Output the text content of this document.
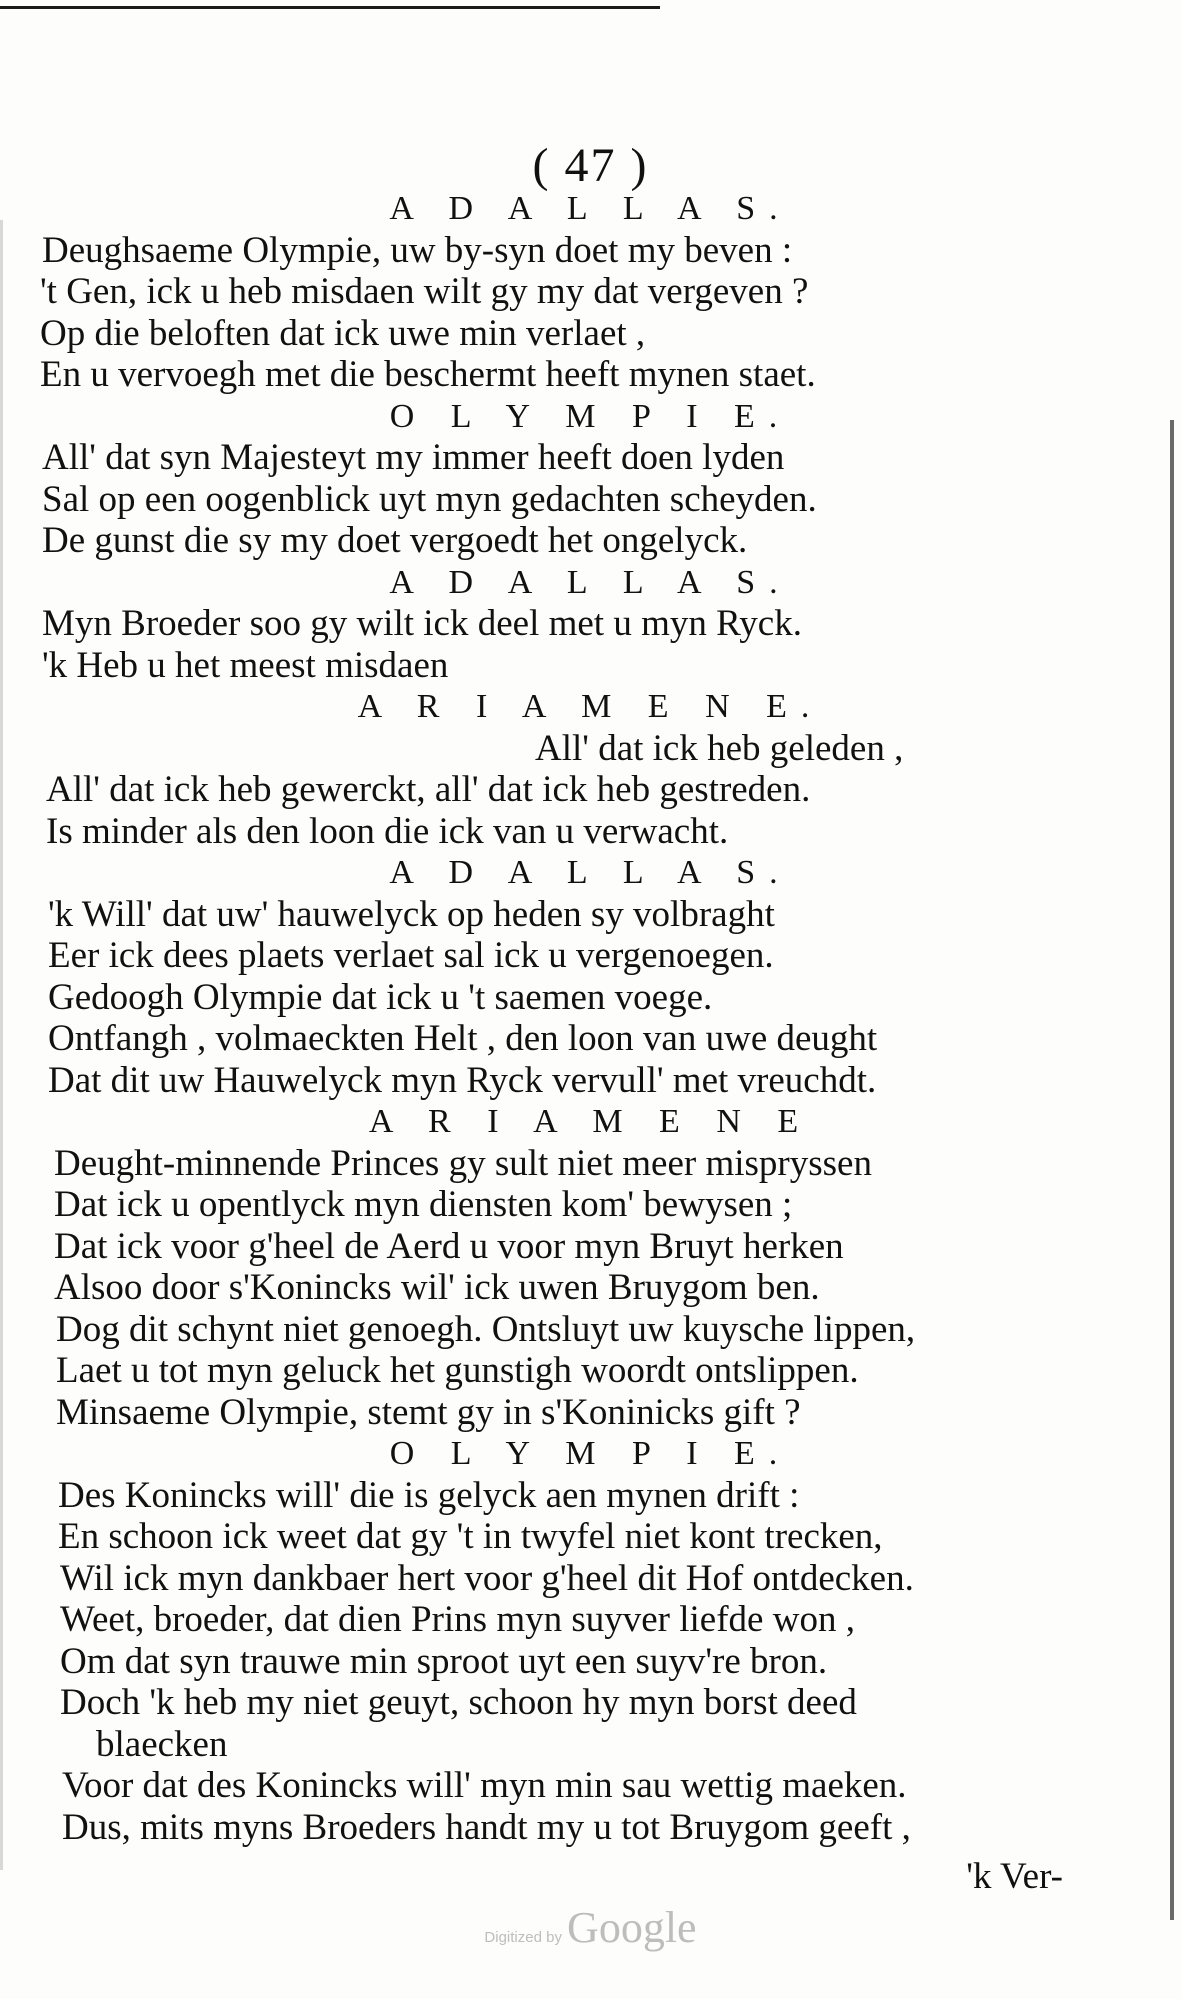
( 47 )
A D A L L A S.
Deughsaeme Olympie, uw by-syn doet my beven :
't Gen, ick u heb misdaen wilt gy my dat vergeven ?
Op die beloften dat ick uwe min verlaet ,
En u vervoegh met die beschermt heeft mynen staet.
O L Y M P I E.
All' dat syn Majesteyt my immer heeft doen lyden
Sal op een oogenblick uyt myn gedachten scheyden.
De gunst die sy my doet vergoedt het ongelyck.
A D A L L A S.
Myn Broeder soo gy wilt ick deel met u myn Ryck.
'k Heb u het meest misdaen
A R I A M E N E.
All' dat ick heb geleden ,
All' dat ick heb gewerckt, all' dat ick heb gestreden.
Is minder als den loon die ick van u verwacht.
A D A L L A S.
'k Will' dat uw' hauwelyck op heden sy volbraght
Eer ick dees plaets verlaet sal ick u vergenoegen.
Gedoogh Olympie dat ick u 't saemen voege.
Ontfangh , volmaeckten Helt , den loon van uwe deught
Dat dit uw Hauwelyck myn Ryck vervull' met vreuchdt.
A R I A M E N E
Deught-minnende Princes gy sult niet meer mispryssen
Dat ick u opentlyck myn diensten kom' bewysen ;
Dat ick voor g'heel de Aerd u voor myn Bruyt herken
Alsoo door s'Konincks wil' ick uwen Bruygom ben.
Dog dit schynt niet genoegh. Ontsluyt uw kuysche lippen,
Laet u tot myn geluck het gunstigh woordt ontslippen.
Minsaeme Olympie, stemt gy in s'Koninicks gift ?
O L Y M P I E.
Des Konincks will' die is gelyck aen mynen drift :
En schoon ick weet dat gy 't in twyfel niet kont trecken,
Wil ick myn dankbaer hert voor g'heel dit Hof ontdecken.
Weet, broeder, dat dien Prins myn suyver liefde won ,
Om dat syn trauwe min sproot uyt een suyv're bron.
Doch 'k heb my niet geuyt, schoon hy myn borst deed
blaecken
Voor dat des Konincks will' myn min sau wettig maeken.
Dus, mits myns Broeders handt my u tot Bruygom geeft ,
'k Ver-
Digitized by Google
